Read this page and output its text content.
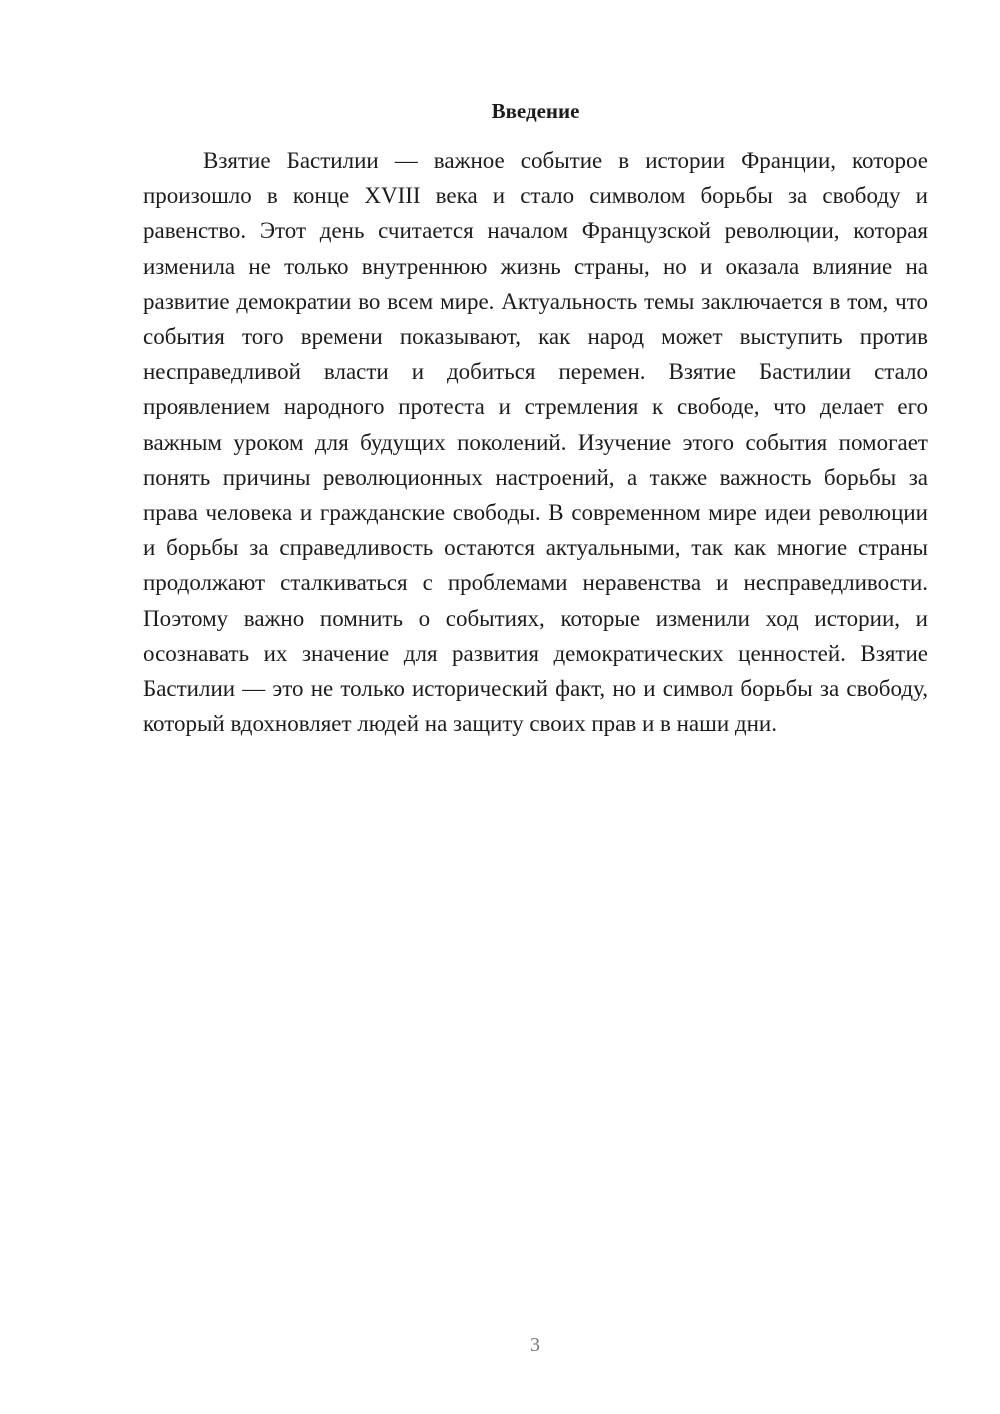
Введение

Взятие Бастилии — важное событие в истории Франции, которое произошло в конце XVIII века и стало символом борьбы за свободу и равенство. Этот день считается началом Французской революции, которая изменила не только внутреннюю жизнь страны, но и оказала влияние на развитие демократии во всем мире. Актуальность темы заключается в том, что события того времени показывают, как народ может выступить против несправедливой власти и добиться перемен. Взятие Бастилии стало проявлением народного протеста и стремления к свободе, что делает его важным уроком для будущих поколений. Изучение этого события помогает понять причины революционных настроений, а также важность борьбы за права человека и гражданские свободы. В современном мире идеи революции и борьбы за справедливость остаются актуальными, так как многие страны продолжают сталкиваться с проблемами неравенства и несправедливости. Поэтому важно помнить о событиях, которые изменили ход истории, и осознавать их значение для развития демократических ценностей. Взятие Бастилии — это не только исторический факт, но и символ борьбы за свободу, который вдохновляет людей на защиту своих прав и в наши дни.

3
